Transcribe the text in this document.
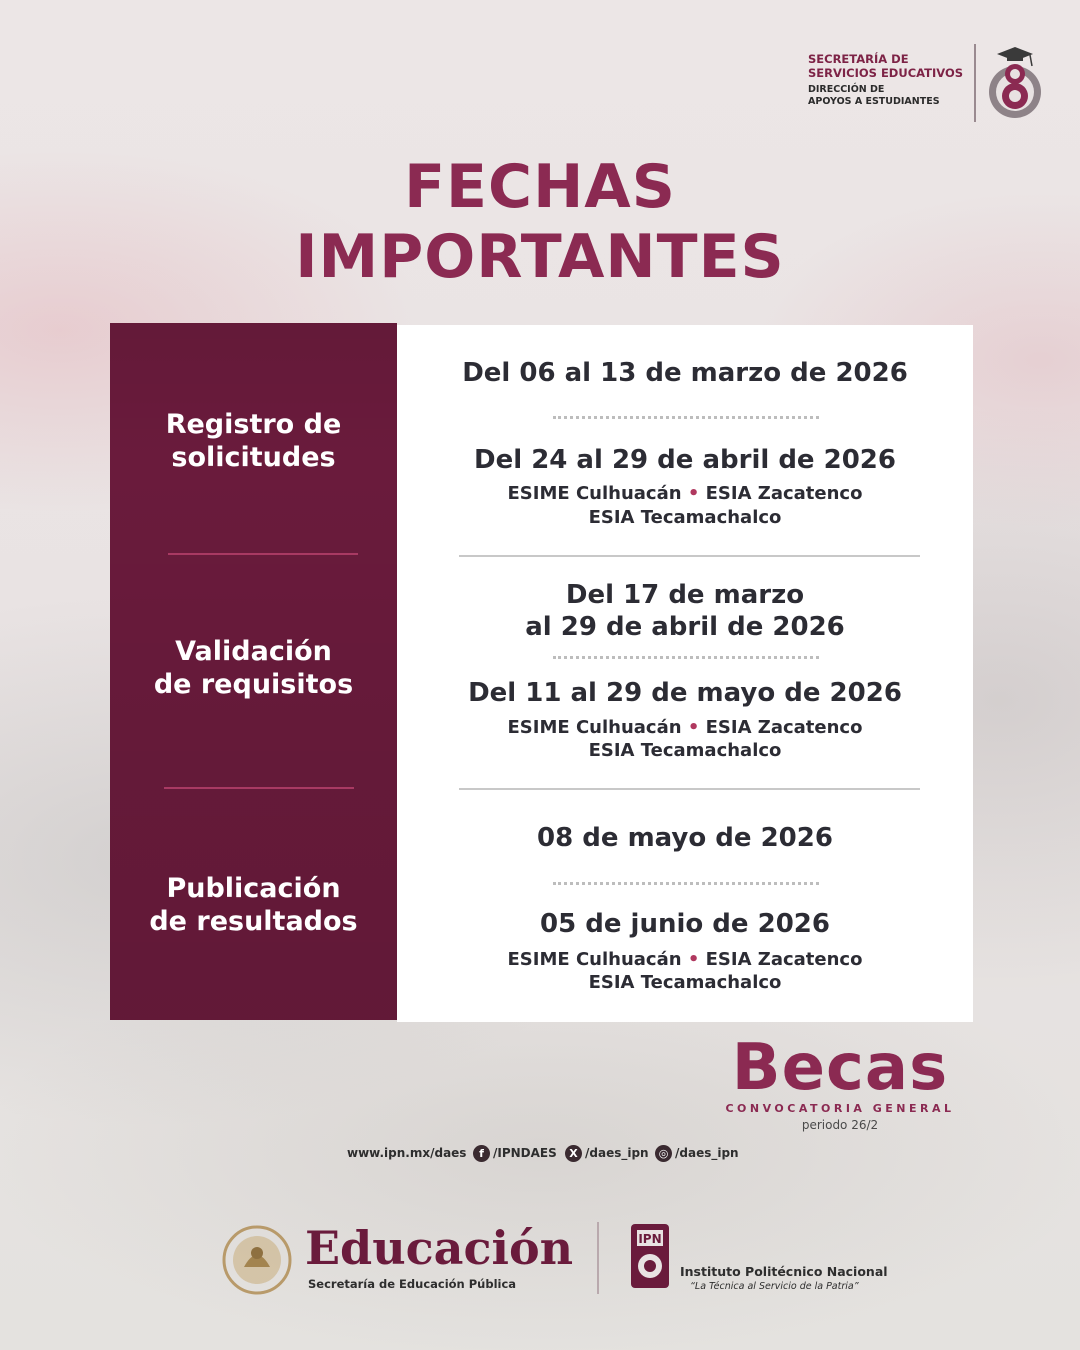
SECRETARÍA DE
SERVICIOS EDUCATIVOS
DIRECCIÓN DE
APOYOS A ESTUDIANTES
FECHAS
IMPORTANTES
Registro de
solicitudes
Validación
de requisitos
Publicación
de resultados
Del 06 al 13 de marzo de 2026
Del 24 al 29 de abril de 2026
ESIME Culhuacán • ESIA Zacatenco
ESIA Tecamachalco
Del 17 de marzo
al 29 de abril de 2026
Del 11 al 29 de mayo de 2026
ESIME Culhuacán • ESIA Zacatenco
ESIA Tecamachalco
08 de mayo de 2026
05 de junio de 2026
ESIME Culhuacán • ESIA Zacatenco
ESIA Tecamachalco
Becas
CONVOCATORIA GENERAL
periodo 26/2
www.ipn.mx/daes	f /IPNDAES	X /daes_ipn ◎ /daes_ipn
Educación
Secretaría de Educación Pública
IPN
Instituto Politécnico Nacional
“La Técnica al Servicio de la Patria”
